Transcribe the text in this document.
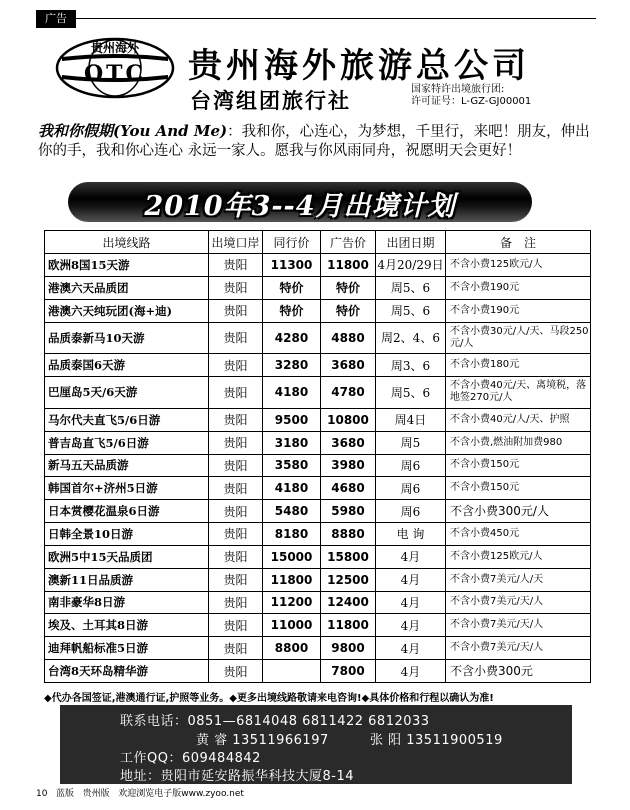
广告
贵州海外
OTC 贵州海外旅游总公司
台湾组团旅行社	国家特许出境旅行团:
许可证号：L-GZ-GJ00001
我和你假期(You And Me)：我和你，心连心，为梦想，千里行，来吧！朋友，伸出你的手，我和你心连心 永远一家人。愿我与你风雨同舟，祝愿明天会更好！
2010年3--4月出境计划
出境线路	出境口岸	同行价	广告价	出团日期	备　注
欧洲8国15天游	贵阳	11300	11800	4月20/29日	不含小费125欧元/人
港澳六天品质团	贵阳	特价	特价	周5、6	不含小费190元
港澳六天纯玩团(海+迪)	贵阳	特价	特价	周5、6	不含小费190元
品质泰新马10天游	贵阳	4280	4880	周2、4、6	不含小费30元/人/天、马段250元/人
品质泰国6天游	贵阳	3280	3680	周3、6	不含小费180元
巴厘岛5天/6天游	贵阳	4180	4780	周5、6	不含小费40元/天、离境税，落地签270元/人
马尔代夫直飞5/6日游	贵阳	9500	10800	周4日	不含小费40元/人/天、护照
普吉岛直飞5/6日游	贵阳	3180	3680	周5	不含小费,燃油附加费980
新马五天品质游	贵阳	3580	3980	周6	不含小费150元
韩国首尔+济州5日游	贵阳	4180	4680	周6	不含小费150元
日本赏樱花温泉6日游	贵阳	5480	5980	周6	不含小费300元/人
日韩全景10日游	贵阳	8180	8880	电 询	不含小费450元
欧洲5中15天品质团	贵阳	15000	15800	4月	不含小费125欧元/人
澳新11日品质游	贵阳	11800	12500	4月	不含小费7美元/人/天
南非豪华8日游	贵阳	11200	12400	4月	不含小费7美元/天/人
埃及、土耳其8日游	贵阳	11000	11800	4月	不含小费7美元/天/人
迪拜帆船标准5日游	贵阳	8800	9800	4月	不含小费7美元/天/人
台湾8天环岛精华游	贵阳		7800	4月	不含小费300元
◆代办各国签证,港澳通行证,护照等业务。◆更多出境线路敬请来电咨询!◆具体价格和行程以确认为准!
联系电话：0851—6814048 6811422 6812033
黄 睿 13511966197	张 阳 13511900519
工作QQ：609484842
地址：贵阳市延安路振华科技大厦8-14
10 蓝版 贵州版 欢迎浏览电子版www.zyoo.net
